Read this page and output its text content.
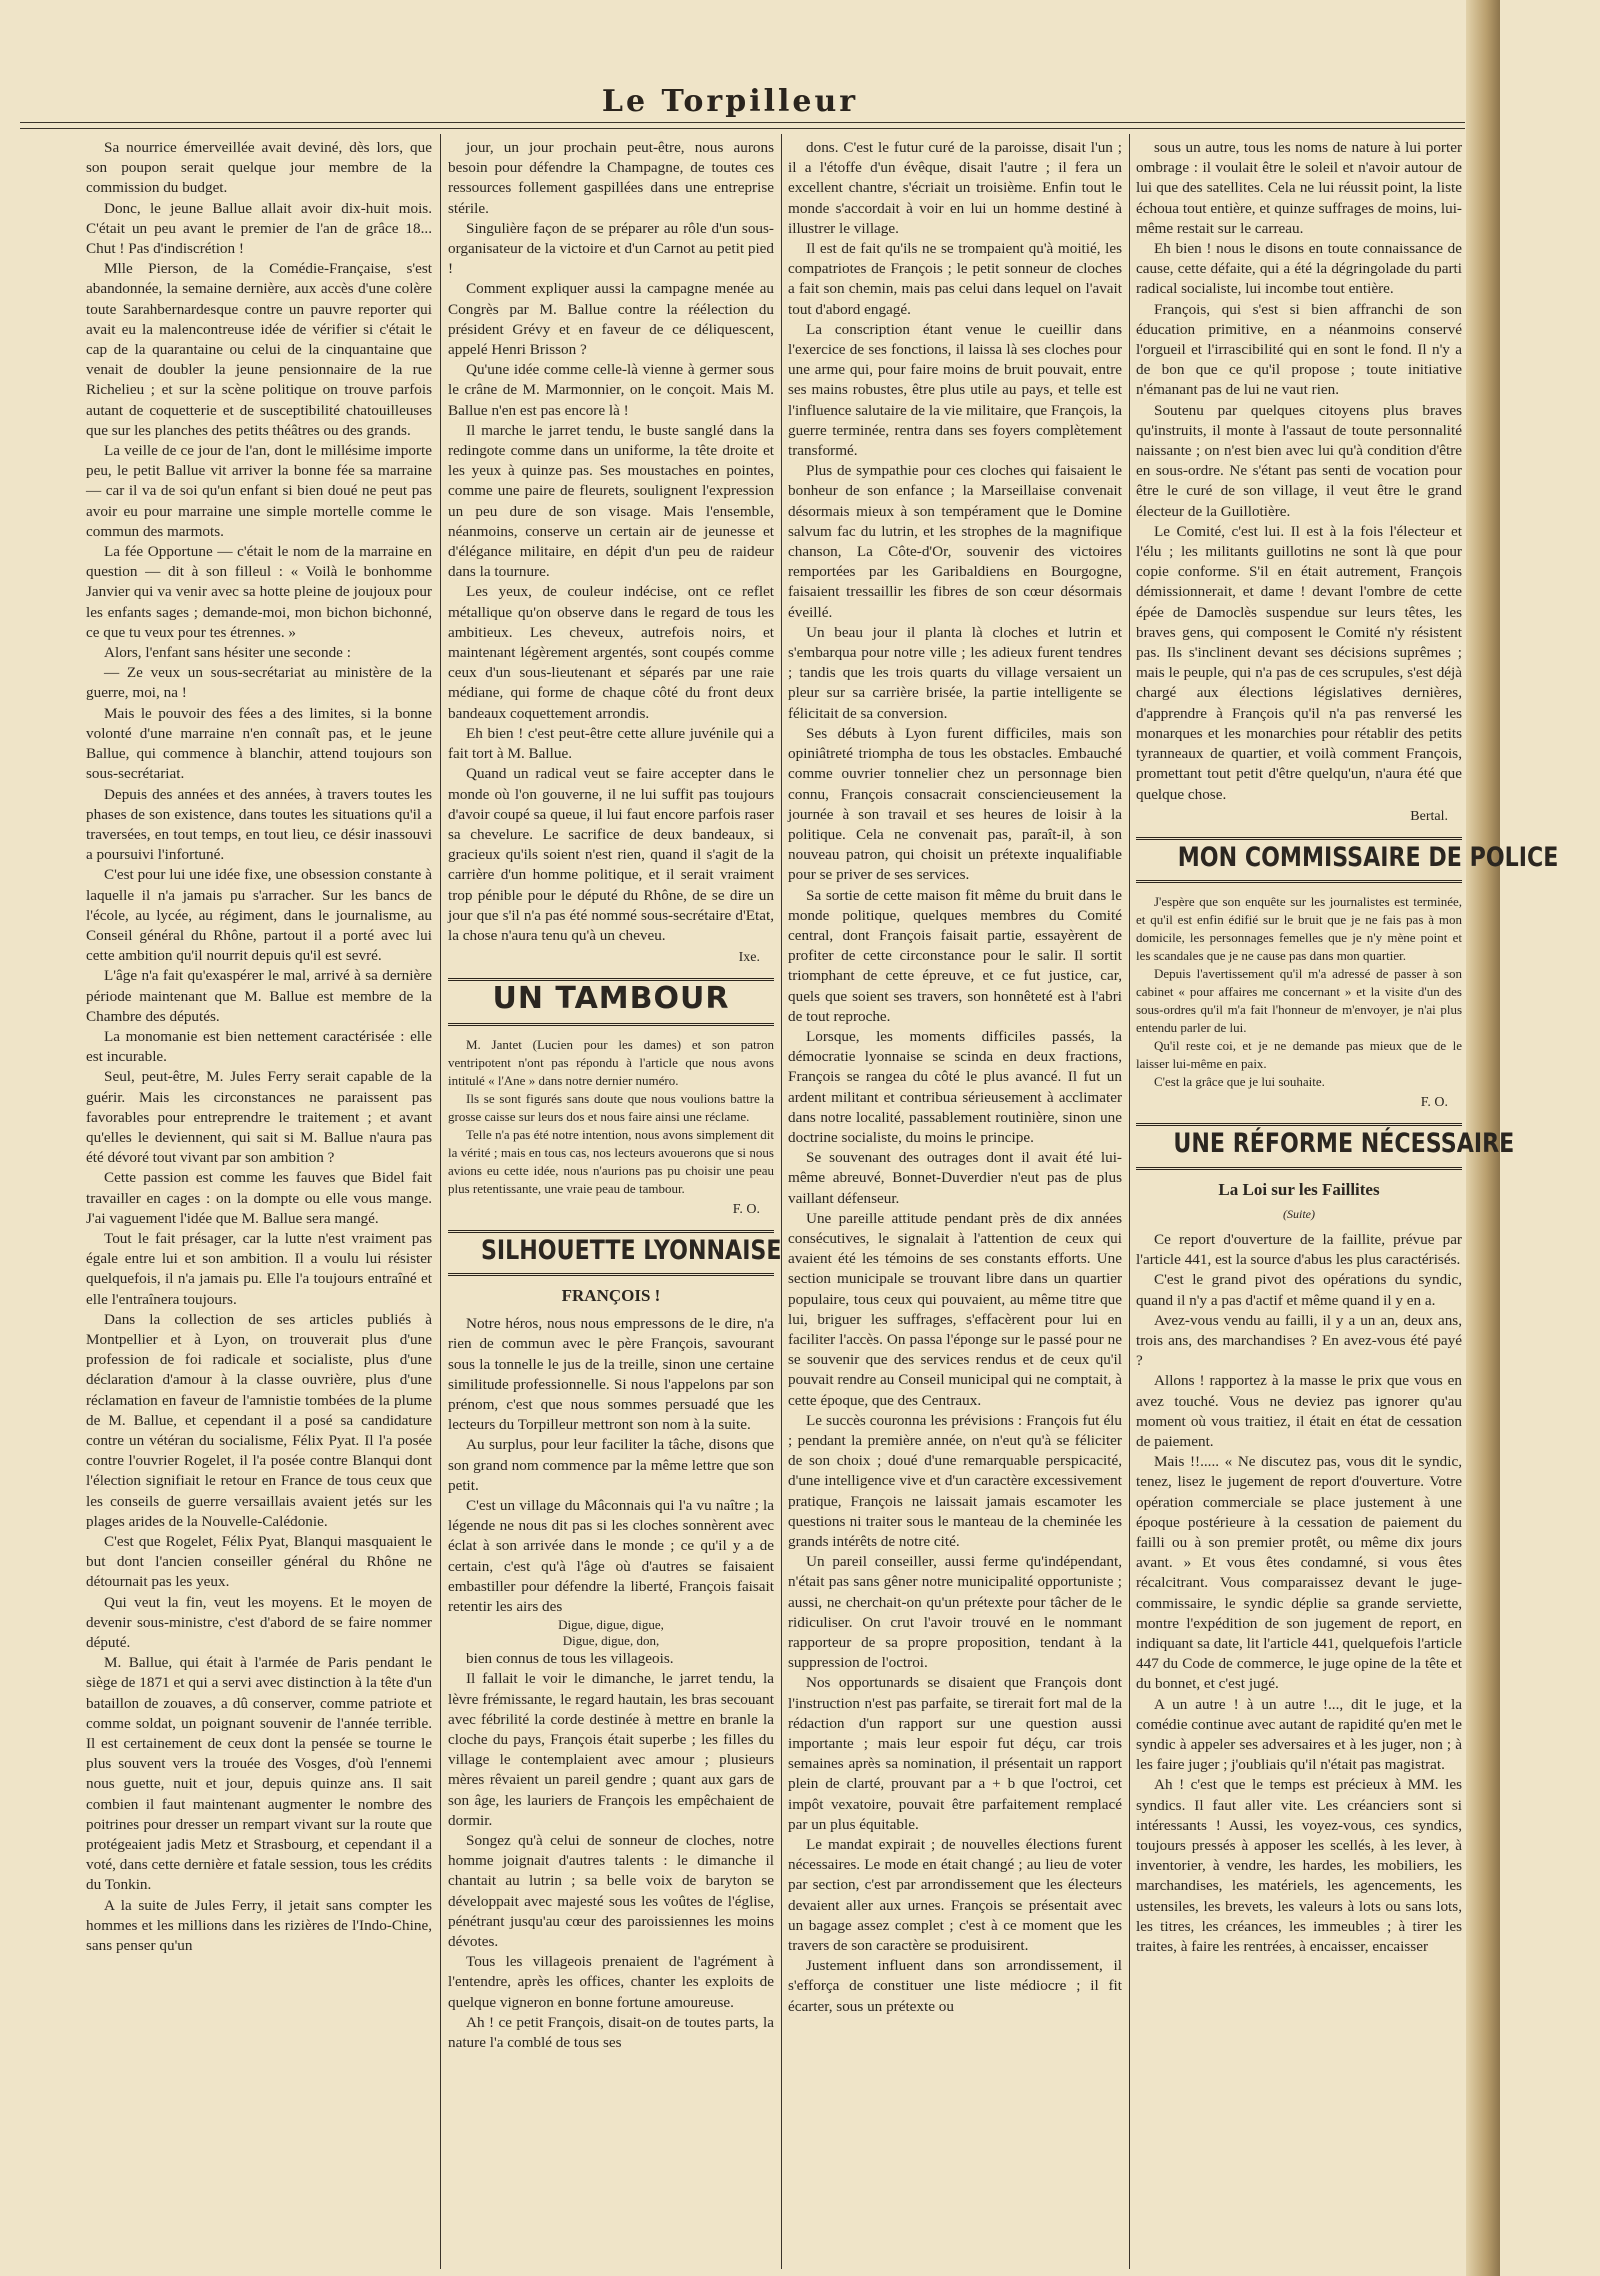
Le Torpilleur

Sa nourrice émerveillée avait deviné, dès lors, que son poupon serait quelque jour membre de la commission du budget.

Donc, le jeune Ballue allait avoir dix-huit mois. C'était un peu avant le premier de l'an de grâce 18... Chut ! Pas d'indiscrétion !

Mlle Pierson, de la Comédie-Française, s'est abandonnée, la semaine dernière, aux accès d'une colère toute Sarahbernardesque contre un pauvre reporter qui avait eu la malencontreuse idée de vérifier si c'était le cap de la quarantaine ou celui de la cinquantaine que venait de doubler la jeune pensionnaire de la rue Richelieu ; et sur la scène politique on trouve parfois autant de coquetterie et de susceptibilité chatouilleuses que sur les planches des petits théâtres ou des grands.

La veille de ce jour de l'an, dont le millésime importe peu, le petit Ballue vit arriver la bonne fée sa marraine — car il va de soi qu'un enfant si bien doué ne peut pas avoir eu pour marraine une simple mortelle comme le commun des marmots.

La fée Opportune — c'était le nom de la marraine en question — dit à son filleul : « Voilà le bonhomme Janvier qui va venir avec sa hotte pleine de joujoux pour les enfants sages ; demande-moi, mon bichon bichonné, ce que tu veux pour tes étrennes. »

Alors, l'enfant sans hésiter une seconde :

— Ze veux un sous-secrétariat au ministère de la guerre, moi, na !

Mais le pouvoir des fées a des limites, si la bonne volonté d'une marraine n'en connaît pas, et le jeune Ballue, qui commence à blanchir, attend toujours son sous-secrétariat.

Depuis des années et des années, à travers toutes les phases de son existence, dans toutes les situations qu'il a traversées, en tout temps, en tout lieu, ce désir inassouvi a poursuivi l'infortuné.

C'est pour lui une idée fixe, une obsession constante à laquelle il n'a jamais pu s'arracher. Sur les bancs de l'école, au lycée, au régiment, dans le journalisme, au Conseil général du Rhône, partout il a porté avec lui cette ambition qu'il nourrit depuis qu'il est sevré.

L'âge n'a fait qu'exaspérer le mal, arrivé à sa dernière période maintenant que M. Ballue est membre de la Chambre des députés.

La monomanie est bien nettement caractérisée : elle est incurable.

Seul, peut-être, M. Jules Ferry serait capable de la guérir. Mais les circonstances ne paraissent pas favorables pour entreprendre le traitement ; et avant qu'elles le deviennent, qui sait si M. Ballue n'aura pas été dévoré tout vivant par son ambition ?

Cette passion est comme les fauves que Bidel fait travailler en cages : on la dompte ou elle vous mange. J'ai vaguement l'idée que M. Ballue sera mangé.

Tout le fait présager, car la lutte n'est vraiment pas égale entre lui et son ambition. Il a voulu lui résister quelquefois, il n'a jamais pu. Elle l'a toujours entraîné et elle l'entraînera toujours.

Dans la collection de ses articles publiés à Montpellier et à Lyon, on trouverait plus d'une profession de foi radicale et socialiste, plus d'une déclaration d'amour à la classe ouvrière, plus d'une réclamation en faveur de l'amnistie tombées de la plume de M. Ballue, et cependant il a posé sa candidature contre un vétéran du socialisme, Félix Pyat. Il l'a posée contre l'ouvrier Rogelet, il l'a posée contre Blanqui dont l'élection signifiait le retour en France de tous ceux que les conseils de guerre versaillais avaient jetés sur les plages arides de la Nouvelle-Calédonie.

C'est que Rogelet, Félix Pyat, Blanqui masquaient le but dont l'ancien conseiller général du Rhône ne détournait pas les yeux.

Qui veut la fin, veut les moyens. Et le moyen de devenir sous-ministre, c'est d'abord de se faire nommer député.

M. Ballue, qui était à l'armée de Paris pendant le siège de 1871 et qui a servi avec distinction à la tête d'un bataillon de zouaves, a dû conserver, comme patriote et comme soldat, un poignant souvenir de l'année terrible. Il est certainement de ceux dont la pensée se tourne le plus souvent vers la trouée des Vosges, d'où l'ennemi nous guette, nuit et jour, depuis quinze ans. Il sait combien il faut maintenant augmenter le nombre des poitrines pour dresser un rempart vivant sur la route que protégeaient jadis Metz et Strasbourg, et cependant il a voté, dans cette dernière et fatale session, tous les crédits du Tonkin.

A la suite de Jules Ferry, il jetait sans compter les hommes et les millions dans les rizières de l'Indo-Chine, sans penser qu'un

jour, un jour prochain peut-être, nous aurons besoin pour défendre la Champagne, de toutes ces ressources follement gaspillées dans une entreprise stérile.

Singulière façon de se préparer au rôle d'un sous-organisateur de la victoire et d'un Carnot au petit pied !

Comment expliquer aussi la campagne menée au Congrès par M. Ballue contre la réélection du président Grévy et en faveur de ce déliquescent, appelé Henri Brisson ?

Qu'une idée comme celle-là vienne à germer sous le crâne de M. Marmonnier, on le conçoit. Mais M. Ballue n'en est pas encore là !

Il marche le jarret tendu, le buste sanglé dans la redingote comme dans un uniforme, la tête droite et les yeux à quinze pas. Ses moustaches en pointes, comme une paire de fleurets, soulignent l'expression un peu dure de son visage. Mais l'ensemble, néanmoins, conserve un certain air de jeunesse et d'élégance militaire, en dépit d'un peu de raideur dans la tournure.

Les yeux, de couleur indécise, ont ce reflet métallique qu'on observe dans le regard de tous les ambitieux. Les cheveux, autrefois noirs, et maintenant légèrement argentés, sont coupés comme ceux d'un sous-lieutenant et séparés par une raie médiane, qui forme de chaque côté du front deux bandeaux coquettement arrondis.

Eh bien ! c'est peut-être cette allure juvénile qui a fait tort à M. Ballue.

Quand un radical veut se faire accepter dans le monde où l'on gouverne, il ne lui suffit pas toujours d'avoir coupé sa queue, il lui faut encore parfois raser sa chevelure. Le sacrifice de deux bandeaux, si gracieux qu'ils soient n'est rien, quand il s'agit de la carrière d'un homme politique, et il serait vraiment trop pénible pour le député du Rhône, de se dire un jour que s'il n'a pas été nommé sous-secrétaire d'Etat, la chose n'aura tenu qu'à un cheveu.

Ixe.
UN TAMBOUR

M. Jantet (Lucien pour les dames) et son patron ventripotent n'ont pas répondu à l'article que nous avons intitulé « l'Ane » dans notre dernier numéro.

Ils se sont figurés sans doute que nous voulions battre la grosse caisse sur leurs dos et nous faire ainsi une réclame.

Telle n'a pas été notre intention, nous avons simplement dit la vérité ; mais en tous cas, nos lecteurs avouerons que si nous avions eu cette idée, nous n'aurions pas pu choisir une peau plus retentissante, une vraie peau de tambour.

F. O.
SILHOUETTE LYONNAISE
FRANÇOIS !

Notre héros, nous nous empressons de le dire, n'a rien de commun avec le père François, savourant sous la tonnelle le jus de la treille, sinon une certaine similitude professionnelle. Si nous l'appelons par son prénom, c'est que nous sommes persuadé que les lecteurs du Torpilleur mettront son nom à la suite.

Au surplus, pour leur faciliter la tâche, disons que son grand nom commence par la même lettre que son petit.

C'est un village du Mâconnais qui l'a vu naître ; la légende ne nous dit pas si les cloches sonnèrent avec éclat à son arrivée dans le monde ; ce qu'il y a de certain, c'est qu'à l'âge où d'autres se faisaient embastiller pour défendre la liberté, François faisait retentir les airs des

Digue, digue, digue,

Digue, digue, don,

bien connus de tous les villageois.

Il fallait le voir le dimanche, le jarret tendu, la lèvre frémissante, le regard hautain, les bras secouant avec fébrilité la corde destinée à mettre en branle la cloche du pays, François était superbe ; les filles du village le contemplaient avec amour ; plusieurs mères rêvaient un pareil gendre ; quant aux gars de son âge, les lauriers de François les empêchaient de dormir.

Songez qu'à celui de sonneur de cloches, notre homme joignait d'autres talents : le dimanche il chantait au lutrin ; sa belle voix de baryton se développait avec majesté sous les voûtes de l'église, pénétrant jusqu'au cœur des paroissiennes les moins dévotes.

Tous les villageois prenaient de l'agrément à l'entendre, après les offices, chanter les exploits de quelque vigneron en bonne fortune amoureuse.

Ah ! ce petit François, disait-on de toutes parts, la nature l'a comblé de tous ses

dons. C'est le futur curé de la paroisse, disait l'un ; il a l'étoffe d'un évêque, disait l'autre ; il fera un excellent chantre, s'écriait un troisième. Enfin tout le monde s'accordait à voir en lui un homme destiné à illustrer le village.

Il est de fait qu'ils ne se trompaient qu'à moitié, les compatriotes de François ; le petit sonneur de cloches a fait son chemin, mais pas celui dans lequel on l'avait tout d'abord engagé.

La conscription étant venue le cueillir dans l'exercice de ses fonctions, il laissa là ses cloches pour une arme qui, pour faire moins de bruit pouvait, entre ses mains robustes, être plus utile au pays, et telle est l'influence salutaire de la vie militaire, que François, la guerre terminée, rentra dans ses foyers complètement transformé.

Plus de sympathie pour ces cloches qui faisaient le bonheur de son enfance ; la Marseillaise convenait désormais mieux à son tempérament que le Domine salvum fac du lutrin, et les strophes de la magnifique chanson, La Côte-d'Or, souvenir des victoires remportées par les Garibaldiens en Bourgogne, faisaient tressaillir les fibres de son cœur désormais éveillé.

Un beau jour il planta là cloches et lutrin et s'embarqua pour notre ville ; les adieux furent tendres ; tandis que les trois quarts du village versaient un pleur sur sa carrière brisée, la partie intelligente se félicitait de sa conversion.

Ses débuts à Lyon furent difficiles, mais son opiniâtreté triompha de tous les obstacles. Embauché comme ouvrier tonnelier chez un personnage bien connu, François consacrait consciencieusement la journée à son travail et ses heures de loisir à la politique. Cela ne convenait pas, paraît-il, à son nouveau patron, qui choisit un prétexte inqualifiable pour se priver de ses services.

Sa sortie de cette maison fit même du bruit dans le monde politique, quelques membres du Comité central, dont François faisait partie, essayèrent de profiter de cette circonstance pour le salir. Il sortit triomphant de cette épreuve, et ce fut justice, car, quels que soient ses travers, son honnêteté est à l'abri de tout reproche.

Lorsque, les moments difficiles passés, la démocratie lyonnaise se scinda en deux fractions, François se rangea du côté le plus avancé. Il fut un ardent militant et contribua sérieusement à acclimater dans notre localité, passablement routinière, sinon une doctrine socialiste, du moins le principe.

Se souvenant des outrages dont il avait été lui-même abreuvé, Bonnet-Duverdier n'eut pas de plus vaillant défenseur.

Une pareille attitude pendant près de dix années consécutives, le signalait à l'attention de ceux qui avaient été les témoins de ses constants efforts. Une section municipale se trouvant libre dans un quartier populaire, tous ceux qui pouvaient, au même titre que lui, briguer les suffrages, s'effacèrent pour lui en faciliter l'accès. On passa l'éponge sur le passé pour ne se souvenir que des services rendus et de ceux qu'il pouvait rendre au Conseil municipal qui ne comptait, à cette époque, que des Centraux.

Le succès couronna les prévisions : François fut élu ; pendant la première année, on n'eut qu'à se féliciter de son choix ; doué d'une remarquable perspicacité, d'une intelligence vive et d'un caractère excessivement pratique, François ne laissait jamais escamoter les questions ni traiter sous le manteau de la cheminée les grands intérêts de notre cité.

Un pareil conseiller, aussi ferme qu'indépendant, n'était pas sans gêner notre municipalité opportuniste ; aussi, ne cherchait-on qu'un prétexte pour tâcher de le ridiculiser. On crut l'avoir trouvé en le nommant rapporteur de sa propre proposition, tendant à la suppression de l'octroi.

Nos opportunards se disaient que François dont l'instruction n'est pas parfaite, se tirerait fort mal de la rédaction d'un rapport sur une question aussi importante ; mais leur espoir fut déçu, car trois semaines après sa nomination, il présentait un rapport plein de clarté, prouvant par a + b que l'octroi, cet impôt vexatoire, pouvait être parfaitement remplacé par un plus équitable.

Le mandat expirait ; de nouvelles élections furent nécessaires. Le mode en était changé ; au lieu de voter par section, c'est par arrondissement que les électeurs devaient aller aux urnes. François se présentait avec un bagage assez complet ; c'est à ce moment que les travers de son caractère se produisirent.

Justement influent dans son arrondissement, il s'efforça de constituer une liste médiocre ; il fit écarter, sous un prétexte ou

sous un autre, tous les noms de nature à lui porter ombrage : il voulait être le soleil et n'avoir autour de lui que des satellites. Cela ne lui réussit point, la liste échoua tout entière, et quinze suffrages de moins, lui-même restait sur le carreau.

Eh bien ! nous le disons en toute connaissance de cause, cette défaite, qui a été la dégringolade du parti radical socialiste, lui incombe tout entière.

François, qui s'est si bien affranchi de son éducation primitive, en a néanmoins conservé l'orgueil et l'irrascibilité qui en sont le fond. Il n'y a de bon que ce qu'il propose ; toute initiative n'émanant pas de lui ne vaut rien.

Soutenu par quelques citoyens plus braves qu'instruits, il monte à l'assaut de toute personnalité naissante ; on n'est bien avec lui qu'à condition d'être en sous-ordre. Ne s'étant pas senti de vocation pour être le curé de son village, il veut être le grand électeur de la Guillotière.

Le Comité, c'est lui. Il est à la fois l'électeur et l'élu ; les militants guillotins ne sont là que pour copie conforme. S'il en était autrement, François démissionnerait, et dame ! devant l'ombre de cette épée de Damoclès suspendue sur leurs têtes, les braves gens, qui composent le Comité n'y résistent pas. Ils s'inclinent devant ses décisions suprêmes ; mais le peuple, qui n'a pas de ces scrupules, s'est déjà chargé aux élections législatives dernières, d'apprendre à François qu'il n'a pas renversé les monarques et les monarchies pour rétablir des petits tyranneaux de quartier, et voilà comment François, promettant tout petit d'être quelqu'un, n'aura été que quelque chose.

Bertal.
MON COMMISSAIRE DE POLICE

J'espère que son enquête sur les journalistes est terminée, et qu'il est enfin édifié sur le bruit que je ne fais pas à mon domicile, les personnages femelles que je n'y mène point et les scandales que je ne cause pas dans mon quartier.

Depuis l'avertissement qu'il m'a adressé de passer à son cabinet « pour affaires me concernant » et la visite d'un des sous-ordres qu'il m'a fait l'honneur de m'envoyer, je n'ai plus entendu parler de lui.

Qu'il reste coi, et je ne demande pas mieux que de le laisser lui-même en paix.

C'est la grâce que je lui souhaite.

F. O.
UNE RÉFORME NÉCESSAIRE
La Loi sur les Faillites
(Suite)

Ce report d'ouverture de la faillite, prévue par l'article 441, est la source d'abus les plus caractérisés.

C'est le grand pivot des opérations du syndic, quand il n'y a pas d'actif et même quand il y en a.

Avez-vous vendu au failli, il y a un an, deux ans, trois ans, des marchandises ? En avez-vous été payé ?

Allons ! rapportez à la masse le prix que vous en avez touché. Vous ne deviez pas ignorer qu'au moment où vous traitiez, il était en état de cessation de paiement.

Mais !!..... « Ne discutez pas, vous dit le syndic, tenez, lisez le jugement de report d'ouverture. Votre opération commerciale se place justement à une époque postérieure à la cessation de paiement du failli ou à son premier protêt, ou même dix jours avant. » Et vous êtes condamné, si vous êtes récalcitrant. Vous comparaissez devant le juge-commissaire, le syndic déplie sa grande serviette, montre l'expédition de son jugement de report, en indiquant sa date, lit l'article 441, quelquefois l'article 447 du Code de commerce, le juge opine de la tête et du bonnet, et c'est jugé.

A un autre ! à un autre !..., dit le juge, et la comédie continue avec autant de rapidité qu'en met le syndic à appeler ses adversaires et à les juger, non ; à les faire juger ; j'oubliais qu'il n'était pas magistrat.

Ah ! c'est que le temps est précieux à MM. les syndics. Il faut aller vite. Les créanciers sont si intéressants ! Aussi, les voyez-vous, ces syndics, toujours pressés à apposer les scellés, à les lever, à inventorier, à vendre, les hardes, les mobiliers, les marchandises, les matériels, les agencements, les ustensiles, les brevets, les valeurs à lots ou sans lots, les titres, les créances, les immeubles ; à tirer les traites, à faire les rentrées, à encaisser, encaisser
